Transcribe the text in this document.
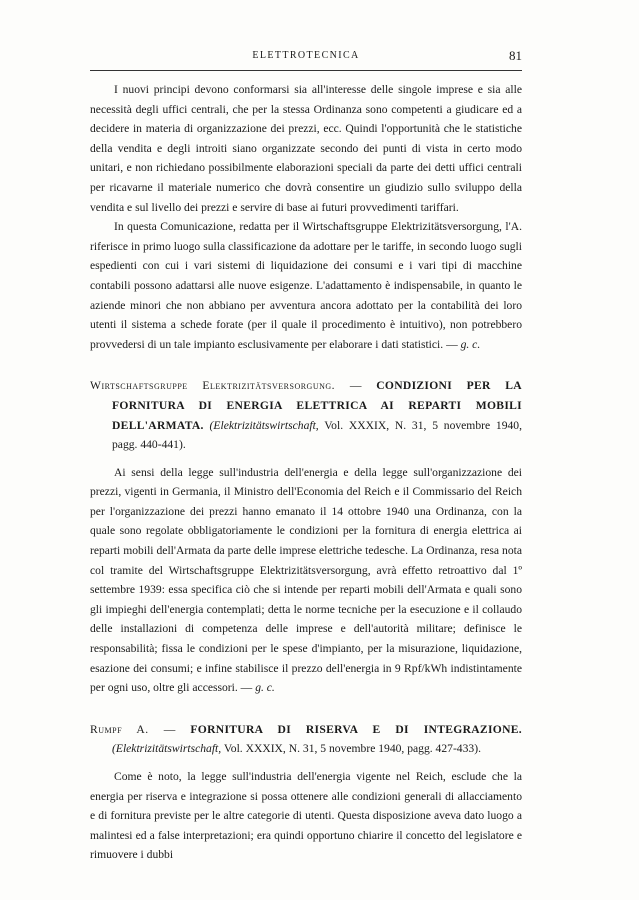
ELETTROTECNICA	81

I nuovi principi devono conformarsi sia all'interesse delle singole imprese e sia alle necessità degli uffici centrali, che per la stessa Ordinanza sono competenti a giudicare ed a decidere in materia di organizzazione dei prezzi, ecc. Quindi l'opportunità che le statistiche della vendita e degli introiti siano organizzate secondo dei punti di vista in certo modo unitari, e non richiedano possibilmente elaborazioni speciali da parte dei detti uffici centrali per ricavarne il materiale numerico che dovrà consentire un giudizio sullo sviluppo della vendita e sul livello dei prezzi e servire di base ai futuri provvedimenti tariffari.

In questa Comunicazione, redatta per il Wirtschaftsgruppe Elektrizitätsversorgung, l'A. riferisce in primo luogo sulla classificazione da adottare per le tariffe, in secondo luogo sugli espedienti con cui i vari sistemi di liquidazione dei consumi e i vari tipi di macchine contabili possono adattarsi alle nuove esigenze. L'adattamento è indispensabile, in quanto le aziende minori che non abbiano per avventura ancora adottato per la contabilità dei loro utenti il sistema a schede forate (per il quale il procedimento è intuitivo), non potrebbero provvedersi di un tale impianto esclusivamente per elaborare i dati statistici. — g. c.

Wirtschaftsgruppe Elektrizitätsversorgung. — CONDIZIONI PER LA FORNITURA DI ENERGIA ELETTRICA AI REPARTI MOBILI DELL'ARMATA. (Elektrizitätswirtschaft, Vol. XXXIX, N. 31, 5 novembre 1940, pagg. 440-441).

Ai sensi della legge sull'industria dell'energia e della legge sull'organizzazione dei prezzi, vigenti in Germania, il Ministro dell'Economia del Reich e il Commissario del Reich per l'organizzazione dei prezzi hanno emanato il 14 ottobre 1940 una Ordinanza, con la quale sono regolate obbligatoriamente le condizioni per la fornitura di energia elettrica ai reparti mobili dell'Armata da parte delle imprese elettriche tedesche. La Ordinanza, resa nota col tramite del Wirtschaftsgruppe Elektrizitätsversorgung, avrà effetto retroattivo dal 1º settembre 1939: essa specifica ciò che si intende per reparti mobili dell'Armata e quali sono gli impieghi dell'energia contemplati; detta le norme tecniche per la esecuzione e il collaudo delle installazioni di competenza delle imprese e dell'autorità militare; definisce le responsabilità; fissa le condizioni per le spese d'impianto, per la misurazione, liquidazione, esazione dei consumi; e infine stabilisce il prezzo dell'energia in 9 Rpf/kWh indistintamente per ogni uso, oltre gli accessori. — g. c.

Rumpf A. — FORNITURA DI RISERVA E DI INTEGRAZIONE. (Elektrizitätswirtschaft, Vol. XXXIX, N. 31, 5 novembre 1940, pagg. 427-433).

Come è noto, la legge sull'industria dell'energia vigente nel Reich, esclude che la energia per riserva e integrazione si possa ottenere alle condizioni generali di allacciamento e di fornitura previste per le altre categorie di utenti. Questa disposizione aveva dato luogo a malintesi ed a false interpretazioni; era quindi opportuno chiarire il concetto del legislatore e rimuovere i dubbi
